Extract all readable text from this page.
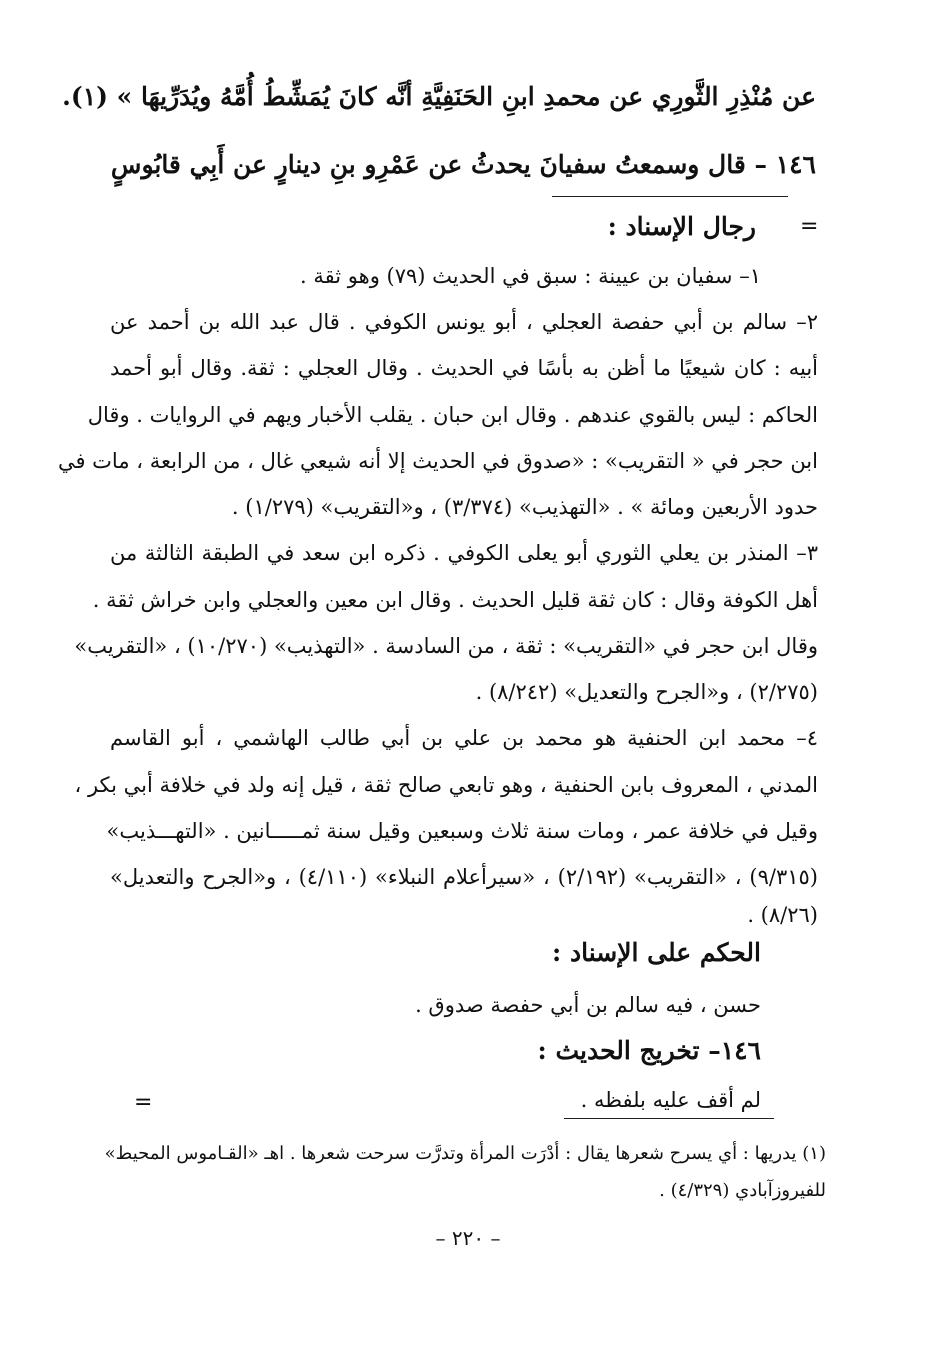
عن مُنْذِرِ الثَّورِي عن محمدِ ابنِ الحَنَفِيَّةِ أنَّه كانَ يُمَشِّطُ أُمَّهُ ويُدَرِّيهَا » (١).
١٤٦ – قال وسمعتُ سفيانَ يحدثُ عن عَمْرِو بنِ دينارٍ عن أَبِي قابُوسٍ
=
رجال الإسناد :
١– سفيان بن عيينة : سبق في الحديث (٧٩) وهو ثقة .
٢– سالم بن أبي حفصة العجلي ، أبو يونس الكوفي . قال عبد الله بن أحمد عن
أبيه : كان شيعيًا ما أظن به بأسًا في الحديث . وقال العجلي : ثقة. وقال أبو أحمد
الحاكم : ليس بالقوي عندهم . وقال ابن حبان . يقلب الأخبار ويهم في الروايات . وقال
ابن حجر في « التقريب» : «صدوق في الحديث إلا أنه شيعي غال ، من الرابعة ، مات في
حدود الأربعين ومائة » . «التهذيب» (٣/٣٧٤) ، و«التقريب» (١/٢٧٩) .
٣– المنذر بن يعلي الثوري أبو يعلى الكوفي . ذكره ابن سعد في الطبقة الثالثة من
أهل الكوفة وقال : كان ثقة قليل الحديث . وقال ابن معين والعجلي وابن خراش ثقة .
وقال ابن حجر في «التقريب» : ثقة ، من السادسة . «التهذيب» (١٠/٢٧٠) ، «التقريب»
(٢/٢٧٥) ، و«الجرح والتعديل» (٨/٢٤٢) .
٤– محمد ابن الحنفية هو محمد بن علي بن أبي طالب الهاشمي ، أبو القاسم
المدني ، المعروف بابن الحنفية ، وهو تابعي صالح ثقة ، قيل إنه ولد في خلافة أبي بكر ،
وقيل في خلافة عمر ، ومات سنة ثلاث وسبعين وقيل سنة ثمـــــانين . «التهـــذيب»
(٩/٣١٥) ، «التقريب» (٢/١٩٢) ، «سيرأعلام النبلاء» (٤/١١٠) ، و«الجرح والتعديل»
(٨/٢٦) .
الحكم على الإسناد :
حسن ، فيه سالم بن أبي حفصة صدوق .
١٤٦– تخريج الحديث :
لم أقف عليه بلفظه .
=
(١) يدريها : أي يسرح شعرها يقال : أدْرَت المرأة وتدرَّت سرحت شعرها . اهـ «القـاموس المحيط»
للفيروزآبادي (٤/٣٢٩) .
– ٢٢٠ –
